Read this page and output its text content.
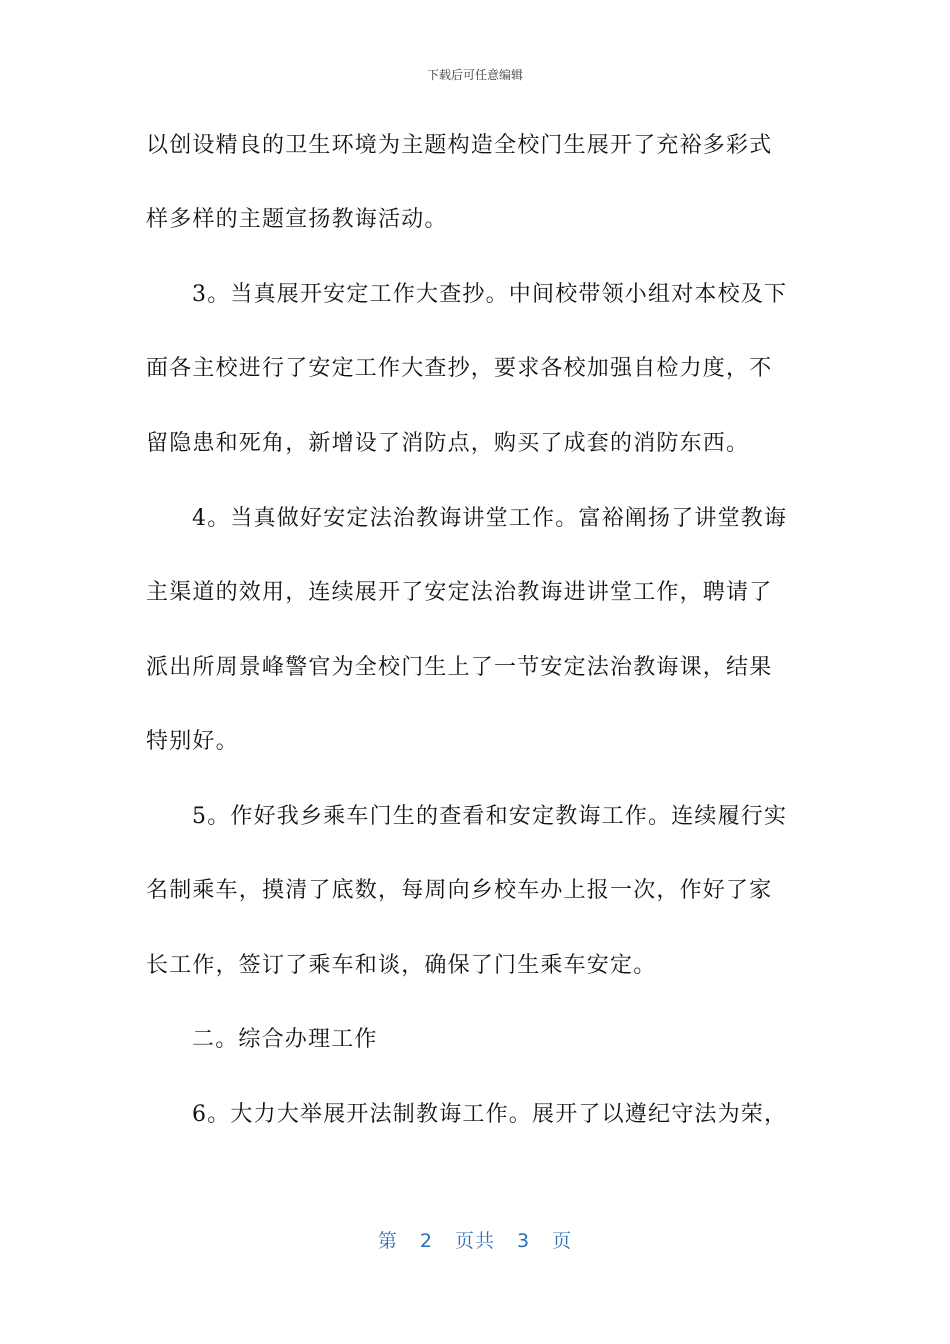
下载后可任意编辑
以创设精良的卫生环境为主题构造全校门生展开了充裕多彩式
样多样的主题宣扬教诲活动。
3。当真展开安定工作大查抄。中间校带领小组对本校及下
面各主校进行了安定工作大查抄，要求各校加强自检力度，不
留隐患和死角，新增设了消防点，购买了成套的消防东西。
4。当真做好安定法治教诲讲堂工作。富裕阐扬了讲堂教诲
主渠道的效用，连续展开了安定法治教诲进讲堂工作，聘请了
派出所周景峰警官为全校门生上了一节安定法治教诲课，结果
特别好。
5。作好我乡乘车门生的查看和安定教诲工作。连续履行实
名制乘车，摸清了底数，每周向乡校车办上报一次，作好了家
长工作，签订了乘车和谈，确保了门生乘车安定。
二。综合办理工作
6。大力大举展开法制教诲工作。展开了以遵纪守法为荣，
第 2 页共 3 页
